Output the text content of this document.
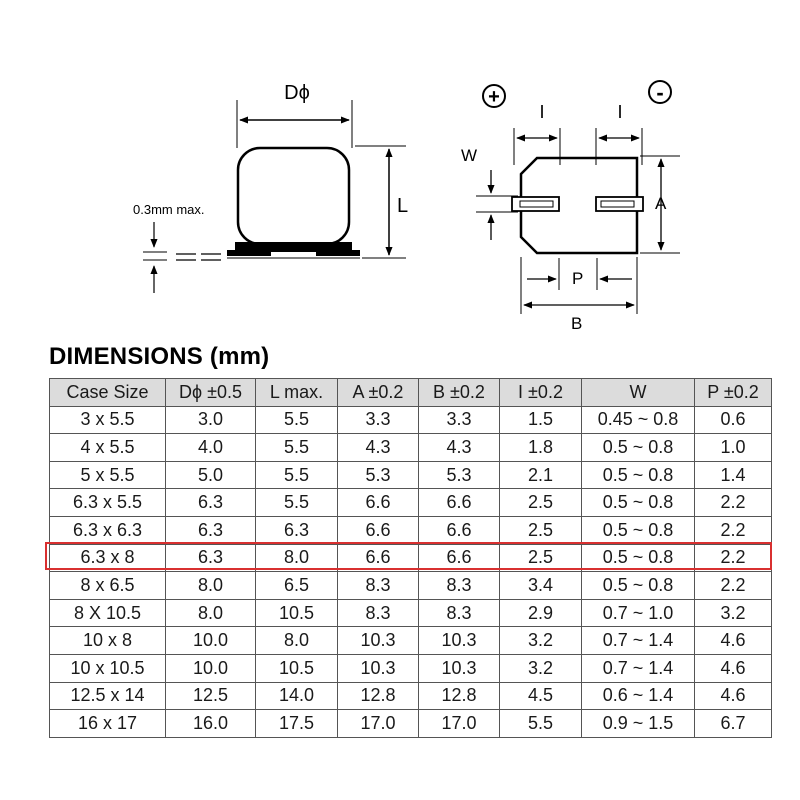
Dϕ
L
0.3mm max.
+	-
I	I
W
A
P
B
DIMENSIONS (mm)
Case Size	Dϕ ±0.5	L max.	A ±0.2	B ±0.2	I ±0.2	W	P ±0.2
3 x 5.5	3.0	5.5	3.3	3.3	1.5	0.45 ~ 0.8	0.6
4 x 5.5	4.0	5.5	4.3	4.3	1.8	0.5 ~ 0.8	1.0
5 x 5.5	5.0	5.5	5.3	5.3	2.1	0.5 ~ 0.8	1.4
6.3 x 5.5	6.3	5.5	6.6	6.6	2.5	0.5 ~ 0.8	2.2
6.3 x 6.3	6.3	6.3	6.6	6.6	2.5	0.5 ~ 0.8	2.2
6.3 x 8	6.3	8.0	6.6	6.6	2.5	0.5 ~ 0.8	2.2
8 x 6.5	8.0	6.5	8.3	8.3	3.4	0.5 ~ 0.8	2.2
8 X 10.5	8.0	10.5	8.3	8.3	2.9	0.7 ~ 1.0	3.2
10 x 8	10.0	8.0	10.3	10.3	3.2	0.7 ~ 1.4	4.6
10 x 10.5	10.0	10.5	10.3	10.3	3.2	0.7 ~ 1.4	4.6
12.5 x 14	12.5	14.0	12.8	12.8	4.5	0.6 ~ 1.4	4.6
16 x 17	16.0	17.5	17.0	17.0	5.5	0.9 ~ 1.5	6.7
